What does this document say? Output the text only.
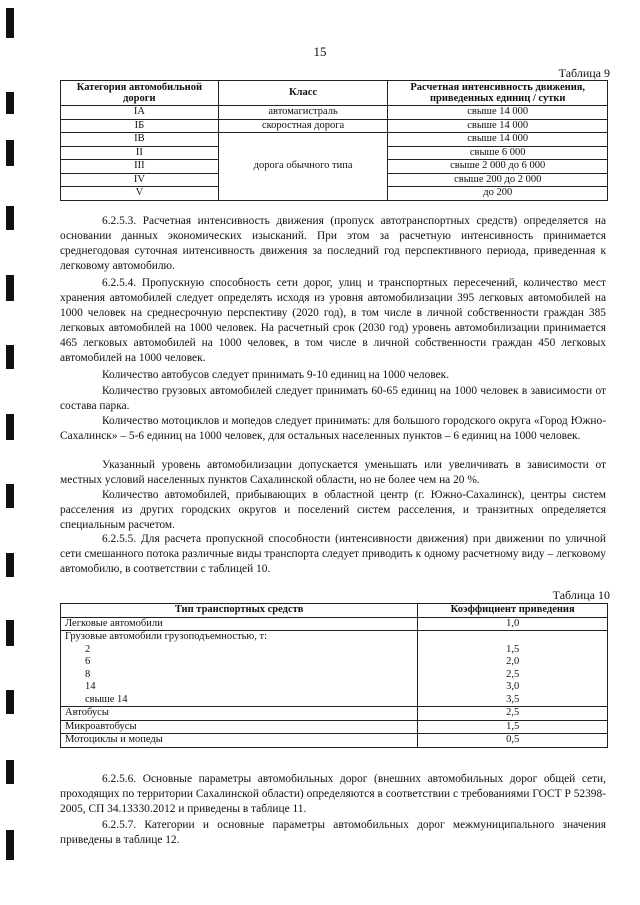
15
Таблица 9
Категория автомобильной дороги	Класс	Расчетная интенсивность движения, приведенных единиц / сутки
IA	автомагистраль	свыше 14 000
IБ	скоростная дорога	свыше 14 000
IВ	дорога обычного типа	свыше 14 000
II		свыше 6 000
III		свыше 2 000 до 6 000
IV		свыше 200 до 2 000
V		до 200

6.2.5.3. Расчетная интенсивность движения (пропуск автотранспортных средств) определяется на основании данных экономических изысканий. При этом за расчетную интенсивность принимается среднегодовая суточная интенсивность движения за последний год перспективного периода, приведенная к легковому автомобилю.

6.2.5.4. Пропускную способность сети дорог, улиц и транспортных пересечений, количество мест хранения автомобилей следует определять исходя из уровня автомобилизации 395 легковых автомобилей на 1000 человек на среднесрочную перспективу (2020 год), в том числе в личной собственности граждан 385 легковых автомобилей на 1000 человек. На расчетный срок (2030 год) уровень автомобилизации принимается 465 легковых автомобилей на 1000 человек, в том числе в личной собственности граждан 450 легковых автомобилей на 1000 человек.

Количество автобусов следует принимать 9-10 единиц на 1000 человек.

Количество грузовых автомобилей следует принимать 60-65 единиц на 1000 человек в зависимости от состава парка.

Количество мотоциклов и мопедов следует принимать: для большого городского округа «Город Южно-Сахалинск» – 5-6 единиц на 1000 человек, для остальных населенных пунктов – 6 единиц на 1000 человек.

Указанный уровень автомобилизации допускается уменьшать или увеличивать в зависимости от местных условий населенных пунктов Сахалинской области, но не более чем на 20 %.

Количество автомобилей, прибывающих в областной центр (г. Южно-Сахалинск), центры систем расселения из других городских округов и поселений систем расселения, и транзитных определяется специальным расчетом.

6.2.5.5. Для расчета пропускной способности (интенсивности движения) при движении по уличной сети смешанного потока различные виды транспорта следует приводить к одному расчетному виду – легковому автомобилю, в соответствии с таблицей 10.

Таблица 10
Тип транспортных средств	Коэффициент приведения
Легковые автомобили	1,0
Грузовые автомобили грузоподъемностью, т:	
2	1,5
6	2,0
8	2,5
14	3,0
свыше 14	3,5
Автобусы	2,5
Микроавтобусы	1,5
Мотоциклы и мопеды	0,5

6.2.5.6. Основные параметры автомобильных дорог (внешних автомобильных дорог общей сети, проходящих по территории Сахалинской области) определяются в соответствии с требованиями ГОСТ Р 52398-2005, СП 34.13330.2012 и приведены в таблице 11.

6.2.5.7. Категории и основные параметры автомобильных дорог межмуниципального значения приведены в таблице 12.
